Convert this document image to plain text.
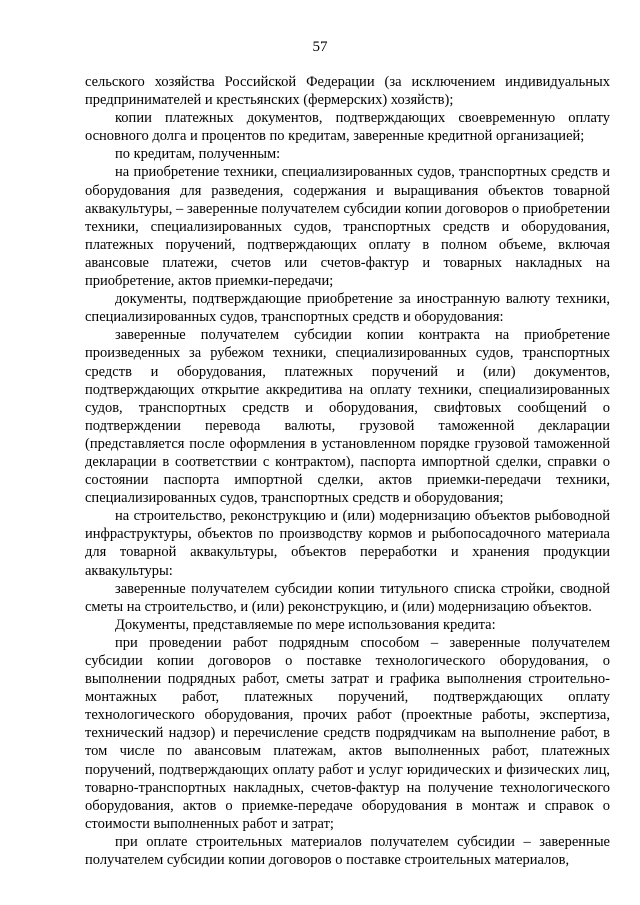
57

сельского хозяйства Российской Федерации (за исключением индивидуальных предпринимателей и крестьянских (фермерских) хозяйств);

копии платежных документов, подтверждающих своевременную оплату основного долга и процентов по кредитам, заверенные кредитной организацией;

по кредитам, полученным:

на приобретение техники, специализированных судов, транспортных средств и оборудования для разведения, содержания и выращивания объектов товарной аквакультуры, – заверенные получателем субсидии копии договоров о приобретении техники, специализированных судов, транспортных средств и оборудования, платежных поручений, подтверждающих оплату в полном объеме, включая авансовые платежи, счетов или счетов-фактур и товарных накладных на приобретение, актов приемки-передачи;

документы, подтверждающие приобретение за иностранную валюту техники, специализированных судов, транспортных средств и оборудования:

заверенные получателем субсидии копии контракта на приобретение произведенных за рубежом техники, специализированных судов, транспортных средств и оборудования, платежных поручений и (или) документов, подтверждающих открытие аккредитива на оплату техники, специализированных судов, транспортных средств и оборудования, свифтовых сообщений о подтверждении перевода валюты, грузовой таможенной декларации (представляется после оформления в установленном порядке грузовой таможенной декларации в соответствии с контрактом), паспорта импортной сделки, справки о состоянии паспорта импортной сделки, актов приемки-передачи техники, специализированных судов, транспортных средств и оборудования;

на строительство, реконструкцию и (или) модернизацию объектов рыбоводной инфраструктуры, объектов по производству кормов и рыбопосадочного материала для товарной аквакультуры, объектов переработки и хранения продукции аквакультуры:

заверенные получателем субсидии копии титульного списка стройки, сводной сметы на строительство, и (или) реконструкцию, и (или) модернизацию объектов.

Документы, представляемые по мере использования кредита:

при проведении работ подрядным способом – заверенные получателем субсидии копии договоров о поставке технологического оборудования, о выполнении подрядных работ, сметы затрат и графика выполнения строительно-монтажных работ, платежных поручений, подтверждающих оплату технологического оборудования, прочих работ (проектные работы, экспертиза, технический надзор) и перечисление средств подрядчикам на выполнение работ, в том числе по авансовым платежам, актов выполненных работ, платежных поручений, подтверждающих оплату работ и услуг юридических и физических лиц, товарно-транспортных накладных, счетов-фактур на получение технологического оборудования, актов о приемке-передаче оборудования в монтаж и справок о стоимости выполненных работ и затрат;

при оплате строительных материалов получателем субсидии – заверенные получателем субсидии копии договоров о поставке строительных материалов,
